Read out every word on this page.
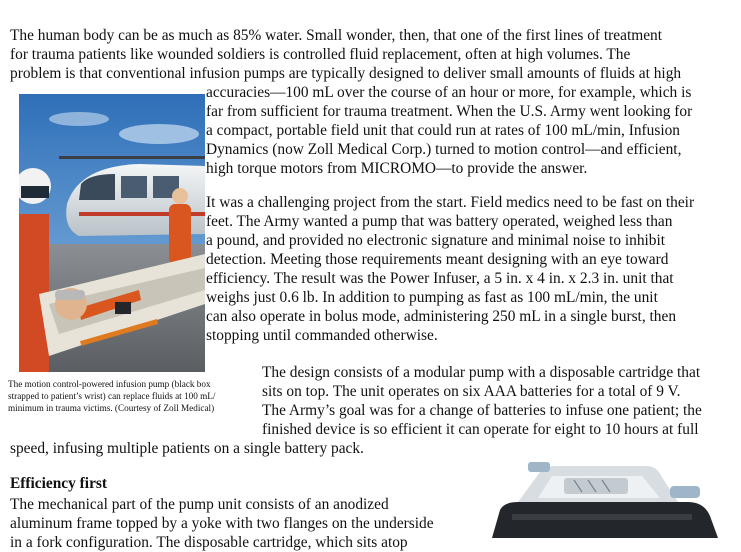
The human body can be as much as 85% water. Small wonder, then, that one of the first lines of treatment
for trauma patients like wounded soldiers is controlled fluid replacement, often at high volumes. The
problem is that conventional infusion pumps are typically designed to deliver small amounts of fluids at high
accuracies—100 mL over the course of an hour or more, for example, which is
far from sufficient for trauma treatment. When the U.S. Army went looking for
a compact, portable field unit that could run at rates of 100 mL/min, Infusion
Dynamics (now Zoll Medical Corp.) turned to motion control—and efficient,
high torque motors from MICROMO—to provide the answer.
It was a challenging project from the start. Field medics need to be fast on their
feet. The Army wanted a pump that was battery operated, weighed less than
a pound, and provided no electronic signature and minimal noise to inhibit
detection. Meeting those requirements meant designing with an eye toward
efficiency. The result was the Power Infuser, a 5 in. x 4 in. x 2.3 in. unit that
weighs just 0.6 lb. In addition to pumping as fast as 100 mL/min, the unit
can also operate in bolus mode, administering 250 mL in a single burst, then
stopping until commanded otherwise.
The motion control-powered infusion pump (black box
strapped to patient’s wrist) can replace fluids at 100 mL/
minimum in trauma victims. (Courtesy of Zoll Medical)
The design consists of a modular pump with a disposable cartridge that
sits on top. The unit operates on six AAA batteries for a total of 9 V.
The Army’s goal was for a change of batteries to infuse one patient; the
finished device is so efficient it can operate for eight to 10 hours at full
speed, infusing multiple patients on a single battery pack.
Efficiency first
The mechanical part of the pump unit consists of an anodized
aluminum frame topped by a yoke with two flanges on the underside
in a fork configuration. The disposable cartridge, which sits atop
